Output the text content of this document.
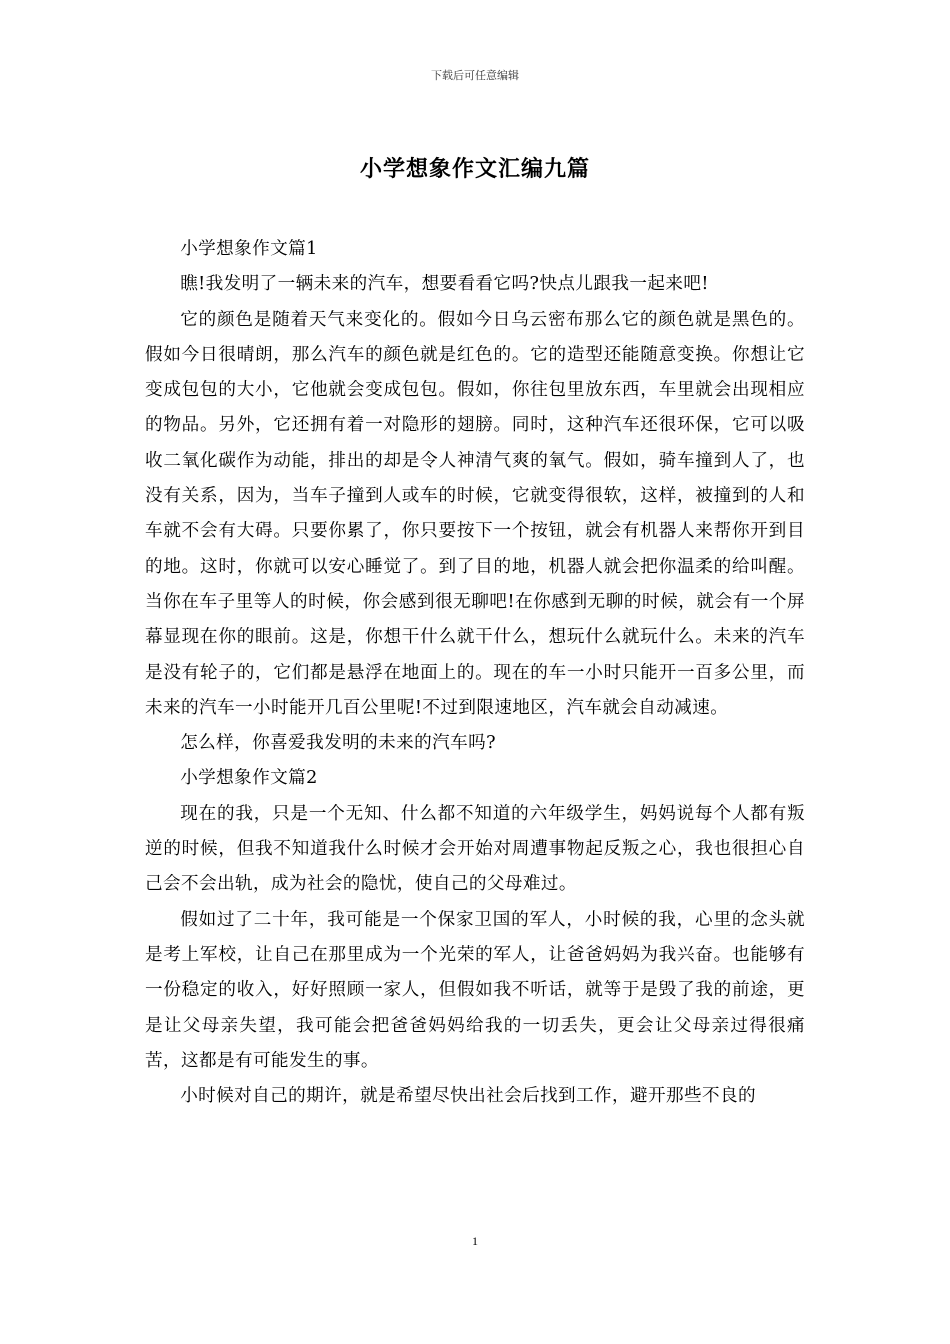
下载后可任意编辑
小学想象作文汇编九篇

小学想象作文篇1

瞧!我发明了一辆未来的汽车，想要看看它吗?快点儿跟我一起来吧!

它的颜色是随着天气来变化的。假如今日乌云密布那么它的颜色就是黑色的。假如今日很晴朗，那么汽车的颜色就是红色的。它的造型还能随意变换。你想让它变成包包的大小，它他就会变成包包。假如，你往包里放东西，车里就会出现相应的物品。另外，它还拥有着一对隐形的翅膀。同时，这种汽车还很环保，它可以吸收二氧化碳作为动能，排出的却是令人神清气爽的氧气。假如，骑车撞到人了，也没有关系，因为，当车子撞到人或车的时候，它就变得很软，这样，被撞到的人和车就不会有大碍。只要你累了，你只要按下一个按钮，就会有机器人来帮你开到目的地。这时，你就可以安心睡觉了。到了目的地，机器人就会把你温柔的给叫醒。当你在车子里等人的时候，你会感到很无聊吧!在你感到无聊的时候，就会有一个屏幕显现在你的眼前。这是，你想干什么就干什么，想玩什么就玩什么。未来的汽车是没有轮子的，它们都是悬浮在地面上的。现在的车一小时只能开一百多公里，而未来的汽车一小时能开几百公里呢!不过到限速地区，汽车就会自动减速。

怎么样，你喜爱我发明的未来的汽车吗?

小学想象作文篇2

现在的我，只是一个无知、什么都不知道的六年级学生，妈妈说每个人都有叛逆的时候，但我不知道我什么时候才会开始对周遭事物起反叛之心，我也很担心自己会不会出轨，成为社会的隐忧，使自己的父母难过。

假如过了二十年，我可能是一个保家卫国的军人，小时候的我，心里的念头就是考上军校，让自己在那里成为一个光荣的军人，让爸爸妈妈为我兴奋。也能够有一份稳定的收入，好好照顾一家人，但假如我不听话，就等于是毁了我的前途，更是让父母亲失望，我可能会把爸爸妈妈给我的一切丢失，更会让父母亲过得很痛苦，这都是有可能发生的事。

小时候对自己的期许，就是希望尽快出社会后找到工作，避开那些不良的

1
